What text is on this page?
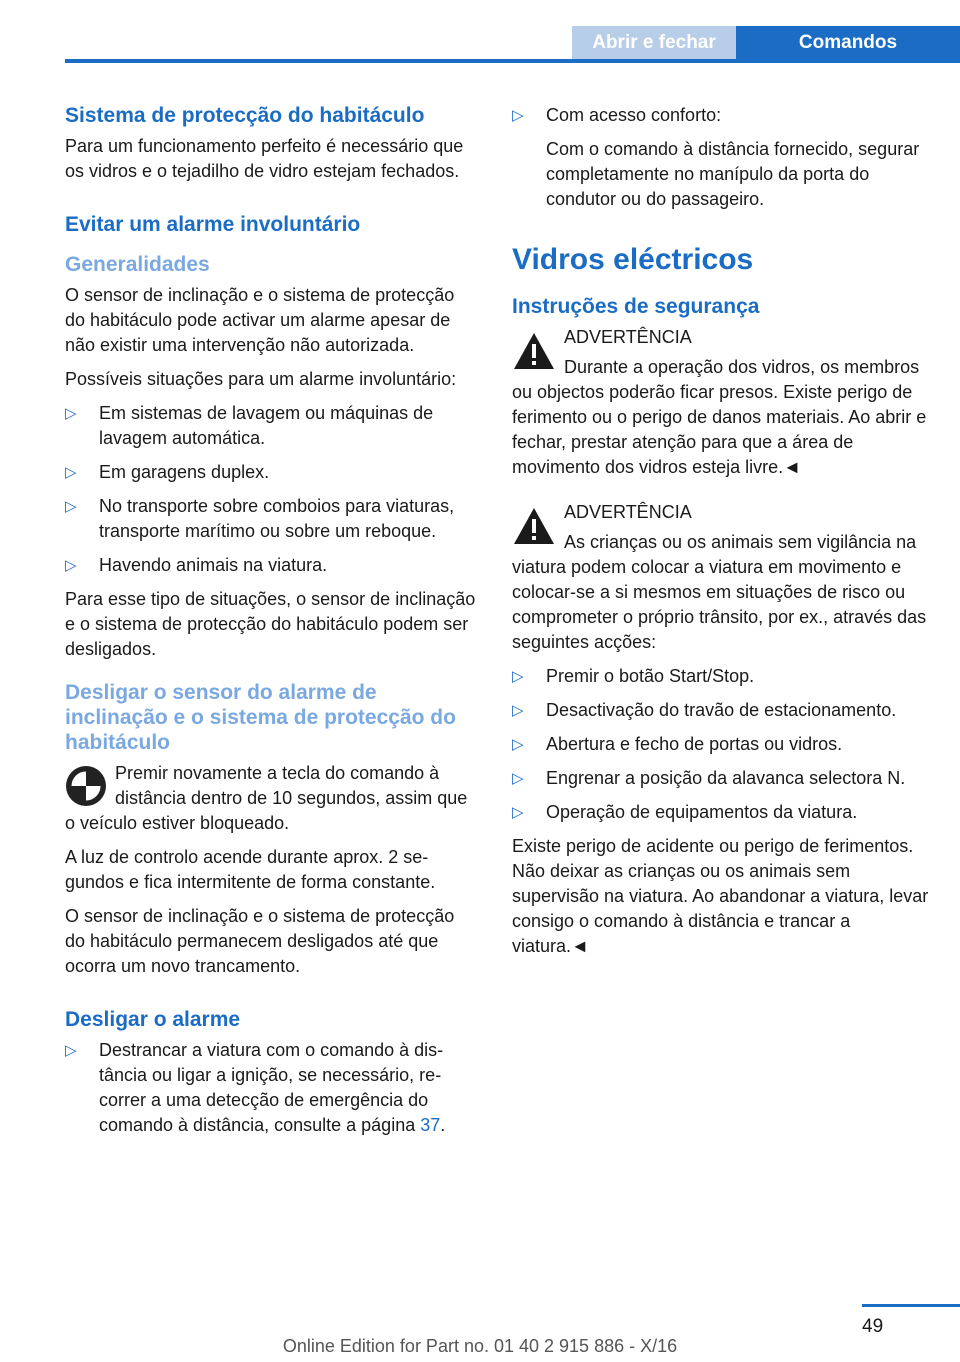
Abrir e fechar	Comandos
Sistema de protecção do habitáculo

Para um funcionamento perfeito é necessário que os vidros e o tejadilho de vidro estejam fechados.

Evitar um alarme involuntário
Generalidades

O sensor de inclinação e o sistema de protecção do habitáculo pode activar um alarme apesar de não existir uma intervenção não autorizada.

Possíveis situações para um alarme involuntário:

▷ Em sistemas de lavagem ou máquinas de lavagem automática.
▷ Em garagens duplex.
▷ No transporte sobre comboios para viaturas, transporte marítimo ou sobre um reboque.
▷ Havendo animais na viatura.

Para esse tipo de situações, o sensor de inclinação e o sistema de protecção do habitáculo podem ser desligados.

Desligar o sensor do alarme de inclinação e o sistema de protecção do habitáculo

Premir novamente a tecla do comando à distância dentro de 10 segundos, assim que o veículo estiver bloqueado.

A luz de controlo acende durante aprox. 2 segundos e fica intermitente de forma constante.

O sensor de inclinação e o sistema de protecção do habitáculo permanecem desligados até que ocorra um novo trancamento.

Desligar o alarme
▷ Destrancar a viatura com o comando à distância ou ligar a ignição, se necessário, recorrer a uma detecção de emergência do comando à distância, consulte a página 37.
▷ Com acesso conforto:

Com o comando à distância fornecido, segurar completamente no manípulo da porta do condutor ou do passageiro.
Vidros eléctricos
Instruções de segurança

ADVERTÊNCIA

Durante a operação dos vidros, os membros ou objectos poderão ficar presos. Existe perigo de ferimento ou o perigo de danos materiais. Ao abrir e fechar, prestar atenção para que a área de movimento dos vidros esteja livre.◄

ADVERTÊNCIA

As crianças ou os animais sem vigilância na viatura podem colocar a viatura em movimento e colocar-se a si mesmos em situações de risco ou comprometer o próprio trânsito, por ex., através das seguintes acções:

▷ Premir o botão Start/Stop.
▷ Desactivação do travão de estacionamento.
▷ Abertura e fecho de portas ou vidros.
▷ Engrenar a posição da alavanca selectora N.
▷ Operação de equipamentos da viatura.

Existe perigo de acidente ou perigo de ferimentos. Não deixar as crianças ou os animais sem supervisão na viatura. Ao abandonar a viatura, levar consigo o comando à distância e trancar a viatura.◄

49
Online Edition for Part no. 01 40 2 915 886 - X/16
